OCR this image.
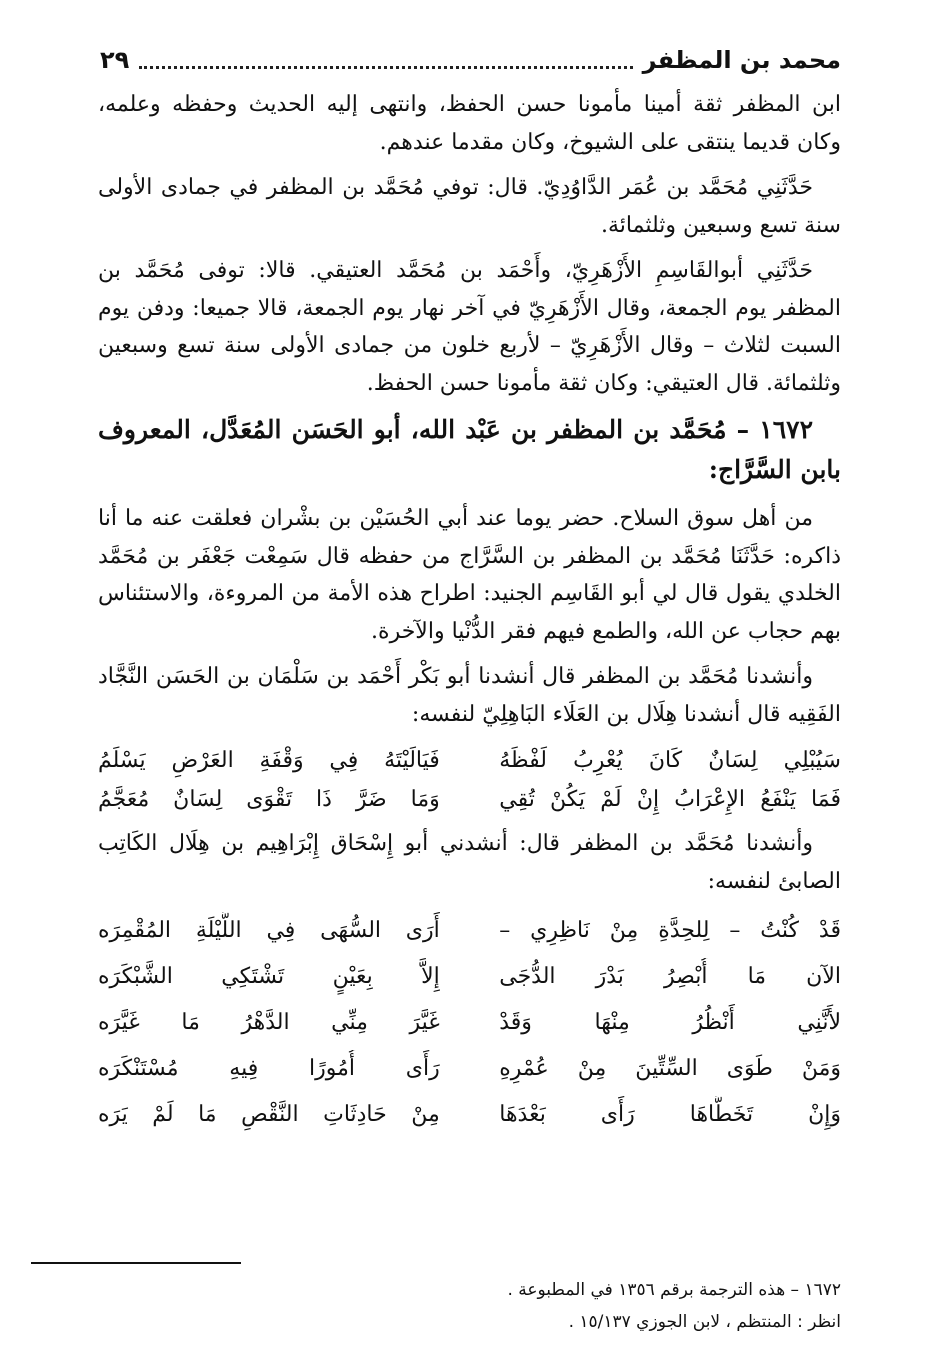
محمد بن المظفر
٢٩

ابن المظفر ثقة أمينا مأمونا حسن الحفظ، وانتهى إليه الحديث وحفظه وعلمه، وكان قديما ينتقى على الشيوخ، وكان مقدما عندهم.

حَدَّثَنِي مُحَمَّد بن عُمَر الدَّاوُدِيّ. قال: توفي مُحَمَّد بن المظفر في جمادى الأولى سنة تسع وسبعين وثلثمائة.

حَدَّثَنِي أبوالقَاسِمِ الأَزْهَرِيّ، وأَحْمَد بن مُحَمَّد العتيقي. قالا: توفى مُحَمَّد بن المظفر يوم الجمعة، وقال الأَزْهَرِيّ في آخر نهار يوم الجمعة، قالا جميعا: ودفن يوم السبت لثلاث – وقال الأَزْهَرِيّ – لأربع خلون من جمادى الأولى سنة تسع وسبعين وثلثمائة. قال العتيقي: وكان ثقة مأمونا حسن الحفظ.

١٦٧٢ – مُحَمَّد بن المظفر بن عَبْد الله، أبو الحَسَن المُعَدَّل، المعروف بابن السَّرَّاج:

من أهل سوق السلاح. حضر يوما عند أبي الحُسَيْن بن بشْران فعلقت عنه ما أنا ذاكره: حَدَّثَنَا مُحَمَّد بن المظفر بن السَّرَّاج من حفظه قال سَمِعْت جَعْفَر بن مُحَمَّد الخلدي يقول قال لي أبو القَاسِم الجنيد: اطراح هذه الأمة من المروءة، والاستئناس بهم حجاب عن الله، والطمع فيهم فقر الدُّنْيا والآخرة.

وأنشدنا مُحَمَّد بن المظفر قال أنشدنا أبو بَكْر أَحْمَد بن سَلْمَان بن الحَسَن النَّجَّاد الفَقِيه قال أنشدنا هِلَال بن العَلَاء البَاهِلِيّ لنفسه:

سَيُبْلِي لِسَانٌ كَانَ يُعْرِبُ لَفْظَهُ
فَيَالَيْتَهُ فِي وَقْفَةِ العَرْضِ يَسْلَمُ
فَمَا يَنْفَعُ الإِعْرَابُ إِنْ لَمْ يَكُنْ تُقِي
وَمَا ضَرَّ ذَا تَقْوَى لِسَانٌ مُعَجَّمُ

وأنشدنا مُحَمَّد بن المظفر قال: أنشدني أبو إِسْحَاق إِبْرَاهِيم بن هِلَال الكَاتِب الصابئ لنفسه:

قَدْ كُنْتُ – لِلحِدَّةِ مِنْ نَاظِرِي –
أَرَى السُّهَى فِي اللَّيْلَةِ المُقْمِرَه
الآن مَا أُبْصِرُ بَدْرَ الدُّجَى
إِلاَّ بِعَيْنٍ تَشْتَكِي الشَّبْكَرَه
لأَنَّنِي أَنْظُرُ مِنْهَا وَقَدْ
غَيَّرَ مِنِّي الدَّهْرُ مَا غَيَّرَه
وَمَنْ طَوَى السِّتِّينَ مِنْ عُمْرِهِ
رَأَى أُمُورًا فِيهِ مُسْتَنْكَرَه
وَإِنْ تَخَطَّاهَا رَأَى بَعْدَهَا
مِنْ حَادِثَاتِ النَّقْصِ مَا لَمْ يَرَه
١٦٧٢ – هذه الترجمة برقم ١٣٥٦ في المطبوعة .
انظر : المنتظم ، لابن الجوزي ١٥/١٣٧ .
